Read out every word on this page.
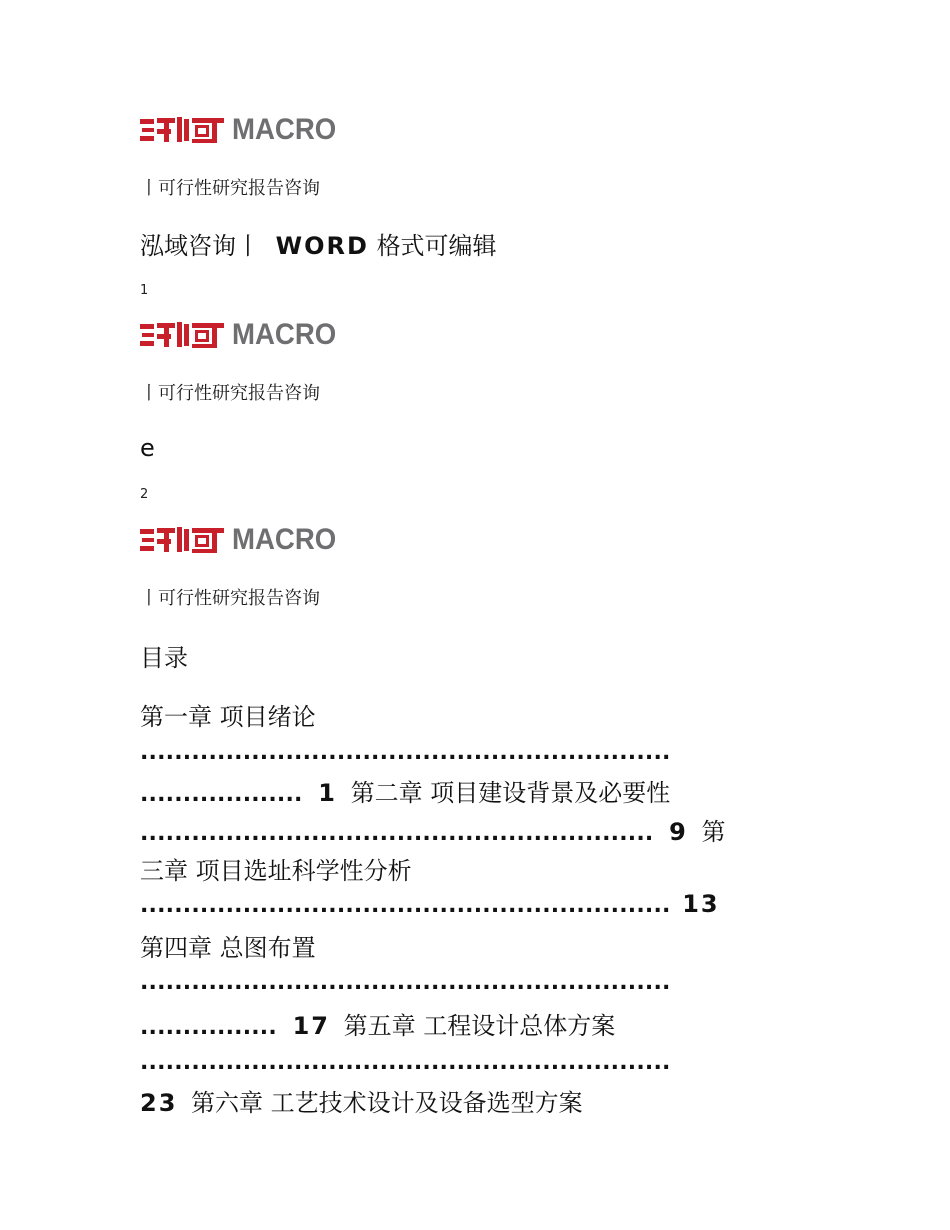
MACRO
丨可行性研究报告咨询
泓域咨询丨 WORD 格式可编辑
1
MACRO
丨可行性研究报告咨询
e
2
MACRO
丨可行性研究报告咨询
目录
第一章 项目绪论
..............................................................
................... 1 第二章 项目建设背景及必要性
............................................................ 9 第
三章 项目选址科学性分析
.............................................................. 13
第四章 总图布置
..............................................................
................ 17 第五章 工程设计总体方案
..............................................................
23 第六章 工艺技术设计及设备选型方案
